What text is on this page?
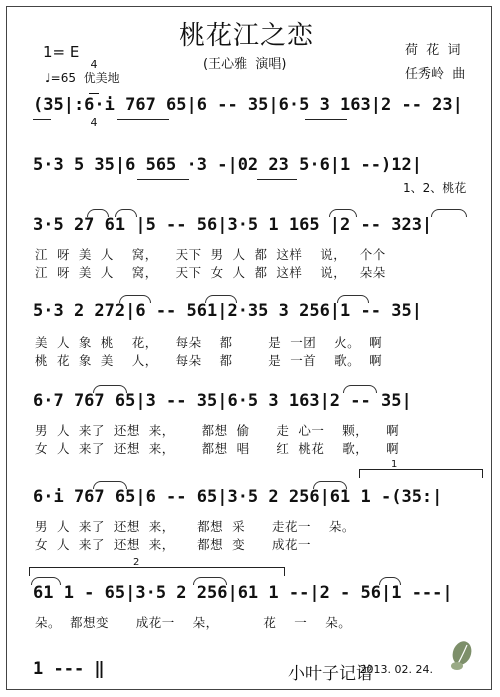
桃花江之恋
(王心雅  演唱)
1= E

4

4

♩=65  优美地
荷  花  词
任秀岭  曲
(35|:6·i 767 65|6 -- 35|6·5 3 163|2 -- 23|
5·3 5 35|6 565 ·3 -|02 23 5·6|1 --)12|
1、2、桃花
3·5 27 61 |5 -- 56|3·5 1 165 |2 -- 323|
江  呀  美  人    窝，    天下  男  人  都  这样    说，   个个
江  呀  美  人    窝，    天下  女  人  都  这样    说，   朵朵
5·3 2 272|6 -- 561|2·35 3 256|1 -- 35|
美  人  象  桃    花，    每朵    都        是  一团    火。  啊
桃  花  象  美    人，    每朵    都        是  一首    歌。  啊
6·7 767 65|3 -- 35|6·5 3 163|2 -- 35|
男  人  来了  还想  来，      都想  偷      走  心一    颗，    啊
女  人  来了  还想  来，      都想  唱      红  桃花    歌，    啊
1
6·i 767 65|6 -- 65|3·5 2 256|61 1 -(35:|
男  人  来了  还想  来，     都想  采      走花一    朵。
女  人  来了  还想  来，     都想  变      成花一
2
61 1 - 65|3·5 2 256|61 1 --|2 - 56|1 ---|
朵。  都想变      成花一    朵，          花    一    朵。
1 --- ‖	小叶子记谱
2013. 02. 24.
